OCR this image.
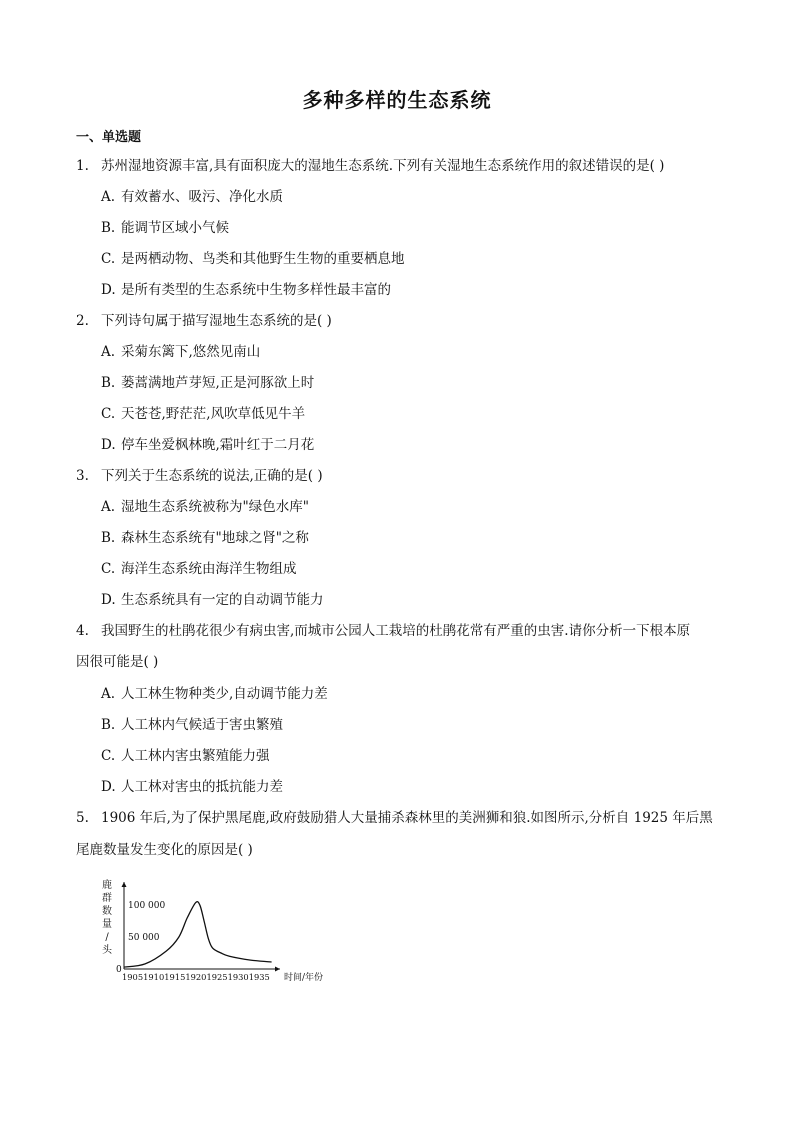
多种多样的生态系统
一、单选题
1. 苏州湿地资源丰富,具有面积庞大的湿地生态系统.下列有关湿地生态系统作用的叙述错误的是( )
A. 有效蓄水、吸污、净化水质
B. 能调节区域小气候
C. 是两栖动物、鸟类和其他野生生物的重要栖息地
D. 是所有类型的生态系统中生物多样性最丰富的
2. 下列诗句属于描写湿地生态系统的是( )
A. 采菊东篱下,悠然见南山
B. 蒌蒿满地芦芽短,正是河豚欲上时
C. 天苍苍,野茫茫,风吹草低见牛羊
D. 停车坐爱枫林晚,霜叶红于二月花
3. 下列关于生态系统的说法,正确的是( )
A. 湿地生态系统被称为"绿色水库"
B. 森林生态系统有"地球之肾"之称
C. 海洋生态系统由海洋生物组成
D. 生态系统具有一定的自动调节能力
4. 我国野生的杜鹃花很少有病虫害,而城市公园人工栽培的杜鹃花常有严重的虫害.请你分析一下根本原
因很可能是( )
A. 人工林生物种类少,自动调节能力差
B. 人工林内气候适于害虫繁殖
C. 人工林内害虫繁殖能力强
D. 人工林对害虫的抵抗能力差
5. 1906 年后,为了保护黑尾鹿,政府鼓励猎人大量捕杀森林里的美洲狮和狼.如图所示,分析自 1925 年后黑
尾鹿数量发生变化的原因是( )
鹿
群
数
量
/
头
100 000
50 000
0
1905191019151920192519301935 时间/年份
